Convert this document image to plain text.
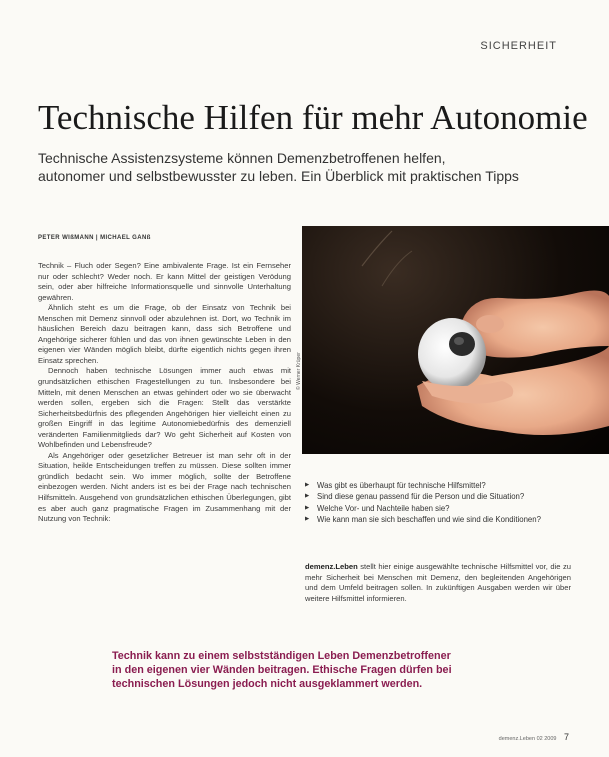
SICHERHEIT
Technische Hilfen für mehr Autonomie
Technische Assistenzsysteme können Demenzbetroffenen helfen,
autonomer und selbstbewusster zu leben. Ein Überblick mit praktischen Tipps
PETER WIßMANN | MICHAEL GANß

Technik – Fluch oder Segen? Eine ambivalente Frage. Ist ein Fernseher nur oder schlecht? Weder noch. Er kann Mittel der geistigen Verödung sein, oder aber hilfreiche Informationsquelle und sinnvolle Unterhaltung gewähren.

Ähnlich steht es um die Frage, ob der Einsatz von Technik bei Menschen mit Demenz sinnvoll oder abzulehnen ist. Dort, wo Technik im häuslichen Bereich dazu beitragen kann, dass sich Betroffene und Angehörige sicherer fühlen und das von ihnen gewünschte Leben in den eigenen vier Wänden möglich bleibt, dürfte eigentlich nichts gegen ihren Einsatz sprechen.

Dennoch haben technische Lösungen immer auch etwas mit grundsätzlichen ethischen Fragestellungen zu tun. Insbesondere bei Mitteln, mit denen Menschen an etwas gehindert oder wo sie überwacht werden sollen, ergeben sich die Fragen: Stellt das verstärkte Sicherheitsbedürfnis des pflegenden Angehörigen hier vielleicht einen zu großen Eingriff in das legitime Autonomiebedürfnis des demenziell veränderten Familienmitglieds dar? Wo geht Sicherheit auf Kosten von Wohlbefinden und Lebensfreude?

Als Angehöriger oder gesetzlicher Betreuer ist man sehr oft in der Situation, heikle Entscheidungen treffen zu müssen. Diese sollten immer gründlich bedacht sein. Wo immer möglich, sollte der Betroffene einbezogen werden. Nicht anders ist es bei der Frage nach technischen Hilfsmitteln. Ausgehend von grundsätzlichen ethischen Überlegungen, gibt es aber auch ganz pragmatische Fragen im Zusammenhang mit der Nutzung von Technik:

© Werner Krüper
▶ Was gibt es überhaupt für technische Hilfsmittel?
▶ Sind diese genau passend für die Person und die Situation?
▶ Welche Vor- und Nachteile haben sie?
▶ Wie kann man sie sich beschaffen und wie sind die Konditionen?
demenz.Leben stellt hier einige ausgewählte technische Hilfsmittel vor, die zu mehr Sicherheit bei Menschen mit Demenz, den begleitenden Angehörigen und dem Umfeld beitragen sollen. In zukünftigen Ausgaben werden wir über weitere Hilfsmittel informieren.
Technik kann zu einem selbstständigen Leben Demenzbetroffener
in den eigenen vier Wänden beitragen. Ethische Fragen dürfen bei
technischen Lösungen jedoch nicht ausgeklammert werden.
demenz.Leben 02 2009 7
